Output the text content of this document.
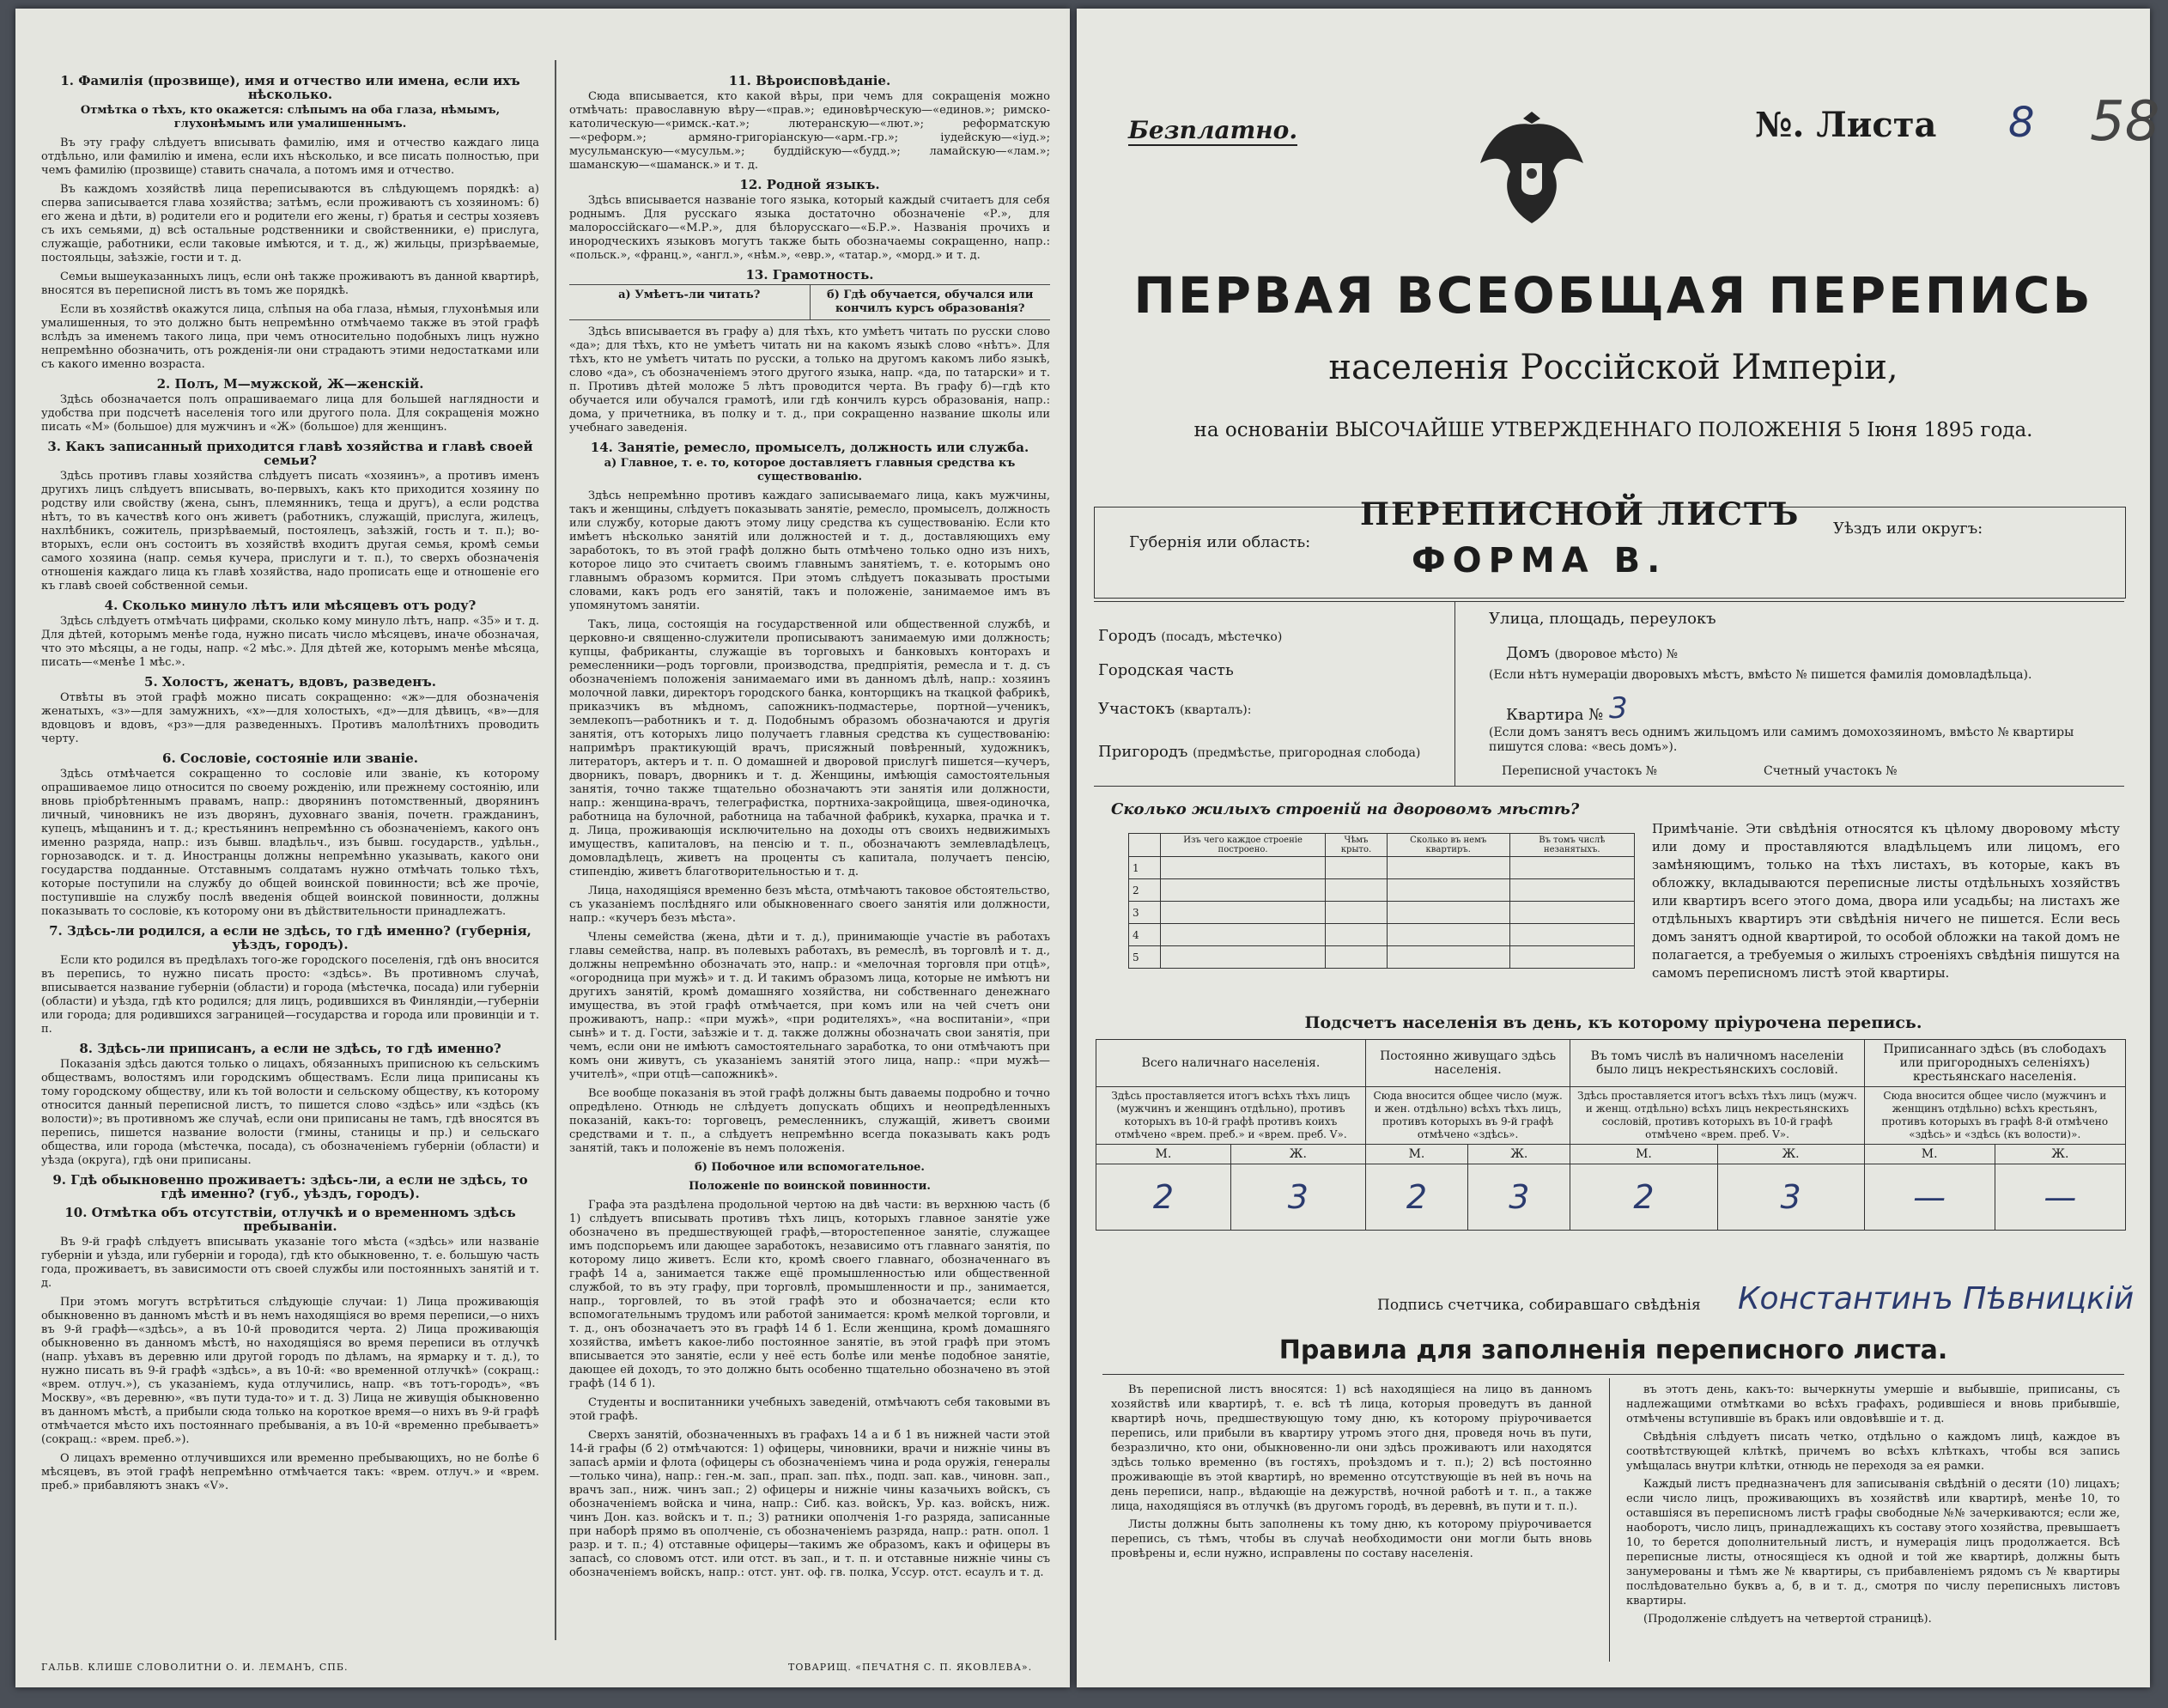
1. Фамилія (прозвище), имя и отчество или имена, если ихъ нѣсколько.

Отмѣтка о тѣхъ, кто окажется: слѣпымъ на оба глаза, нѣмымъ, глухонѣмымъ или умалишеннымъ.

Въ эту графу слѣдуетъ вписывать фамилію, имя и отчество каждаго лица отдѣльно, или фамилію и имена, если ихъ нѣсколько, и все писать полностью, при чемъ фамилію (прозвище) ставить сначала, а потомъ имя и отчество.

Въ каждомъ хозяйствѣ лица переписываются въ слѣдующемъ порядкѣ: а) сперва записывается глава хозяйства; затѣмъ, если проживаютъ съ хозяиномъ: б) его жена и дѣти, в) родители его и родители его жены, г) братья и сестры хозяевъ съ ихъ семьями, д) всѣ остальные родственники и свойственники, е) прислуга, служащіе, работники, если таковые имѣются, и т. д., ж) жильцы, призрѣваемые, постояльцы, заѣзжіе, гости и т. д.

Семьи вышеуказанныхъ лицъ, если онѣ также проживаютъ въ данной квартирѣ, вносятся въ переписной листъ въ томъ же порядкѣ.

Если въ хозяйствѣ окажутся лица, слѣпыя на оба глаза, нѣмыя, глухонѣмыя или умалишенныя, то это должно быть непремѣнно отмѣчаемо также въ этой графѣ вслѣдъ за именемъ такого лица, при чемъ относительно подобныхъ лицъ нужно непремѣнно обозначить, отъ рожденія-ли они страдаютъ этими недостатками или съ какого именно возраста.

2. Полъ, М—мужской, Ж—женскій.

Здѣсь обозначается полъ опрашиваемаго лица для большей наглядности и удобства при подсчетѣ населенія того или другого пола. Для сокращенія можно писать «М» (большое) для мужчинъ и «Ж» (большое) для женщинъ.

3. Какъ записанный приходится главѣ хозяйства и главѣ своей семьи?

Здѣсь противъ главы хозяйства слѣдуетъ писать «хозяинъ», а противъ именъ другихъ лицъ слѣдуетъ вписывать, во-первыхъ, какъ кто приходится хозяину по родству или свойству (жена, сынъ, племянникъ, теща и другъ), а если родства нѣтъ, то въ качествѣ кого онъ живетъ (работникъ, служащій, прислуга, жилецъ, нахлѣбникъ, сожитель, призрѣваемый, постоялецъ, заѣзжій, гость и т. п.); во-вторыхъ, если онъ состоитъ въ хозяйствѣ входитъ другая семья, кромѣ семьи самого хозяина (напр. семья кучера, прислуги и т. п.), то сверхъ обозначенія отношенія каждаго лица къ главѣ хозяйства, надо прописать еще и отношеніе его къ главѣ своей собственной семьи.

4. Сколько минуло лѣтъ или мѣсяцевъ отъ роду?

Здѣсь слѣдуетъ отмѣчать цифрами, сколько кому минуло лѣтъ, напр. «35» и т. д. Для дѣтей, которымъ менѣе года, нужно писать число мѣсяцевъ, иначе обозначая, что это мѣсяцы, а не годы, напр. «2 мѣс.». Для дѣтей же, которымъ менѣе мѣсяца, писать—«менѣе 1 мѣс.».

5. Холостъ, женатъ, вдовъ, разведенъ.

Отвѣты въ этой графѣ можно писать сокращенно: «ж»—для обозначенія женатыхъ, «з»—для замужнихъ, «х»—для холостыхъ, «д»—для дѣвицъ, «в»—для вдовцовъ и вдовъ, «рз»—для разведенныхъ. Противъ малолѣтнихъ проводить черту.

6. Сословіе, состояніе или званіе.

Здѣсь отмѣчается сокращенно то сословіе или званіе, къ которому опрашиваемое лицо относится по своему рожденію, или прежнему состоянію, или вновь пріобрѣтеннымъ правамъ, напр.: дворянинъ потомственный, дворянинъ личный, чиновникъ не изъ дворянъ, духовнаго званія, почетн. гражданинъ, купецъ, мѣщанинъ и т. д.; крестьянинъ непремѣнно съ обозначеніемъ, какого онъ именно разряда, напр.: изъ бывш. владѣльч., изъ бывш. государств., удѣльн., горнозаводск. и т. д. Иностранцы должны непремѣнно указывать, какого они государства подданные. Отставнымъ солдатамъ нужно отмѣчать только тѣхъ, которые поступили на службу до общей воинской повинности; всѣ же прочіе, поступившіе на службу послѣ введенія общей воинской повинности, должны показывать то сословіе, къ которому они въ дѣйствительности принадлежатъ.

7. Здѣсь-ли родился, а если не здѣсь, то гдѣ именно? (губернія, уѣздъ, городъ).

Если кто родился въ предѣлахъ того-же городского поселенія, гдѣ онъ вносится въ перепись, то нужно писать просто: «здѣсь». Въ противномъ случаѣ, вписывается название губерніи (области) и города (мѣстечка, посада) или губерніи (области) и уѣзда, гдѣ кто родился; для лицъ, родившихся въ Финляндіи,—губерніи или города; для родившихся заграницей—государства и города или провинціи и т. п.

8. Здѣсь-ли приписанъ, а если не здѣсь, то гдѣ именно?

Показанія здѣсь даются только о лицахъ, обязанныхъ приписною къ сельскимъ обществамъ, волостямъ или городскимъ обществамъ. Если лица приписаны къ тому городскому обществу, или къ той волости и сельскому обществу, къ которому относится данный переписной листъ, то пишется слово «здѣсь» или «здѣсь (къ волости)»; въ противномъ же случаѣ, если они приписаны не тамъ, гдѣ вносятся въ перепись, пишется название волости (гмины, станицы и пр.) и сельскаго общества, или города (мѣстечка, посада), съ обозначеніемъ губерніи (области) и уѣзда (округа), гдѣ они приписаны.

9. Гдѣ обыкновенно проживаетъ: здѣсь-ли, а если не здѣсь, то гдѣ именно? (губ., уѣздъ, городъ).
10. Отмѣтка объ отсутствіи, отлучкѣ и о временномъ здѣсь пребываніи.

Въ 9-й графѣ слѣдуетъ вписывать указаніе того мѣста («здѣсь» или названіе губерніи и уѣзда, или губерніи и города), гдѣ кто обыкновенно, т. е. большую часть года, проживаетъ, въ зависимости отъ своей службы или постоянныхъ занятій и т. д.

При этомъ могутъ встрѣтиться слѣдующіе случаи: 1) Лица проживающія обыкновенно въ данномъ мѣстѣ и въ немъ находящіяся во время переписи,—о нихъ въ 9-й графѣ—«здѣсь», а въ 10-й проводится черта. 2) Лица проживающія обыкновенно въ данномъ мѣстѣ, но находящіяся во время переписи въ отлучкѣ (напр. уѣхавъ въ деревню или другой городъ по дѣламъ, на ярмарку и т. д.), то нужно писать въ 9-й графѣ «здѣсь», а въ 10-й: «во временной отлучкѣ» (сокращ.: «врем. отлуч.»), съ указаніемъ, куда отлучились, напр. «въ тотъ-городъ», «въ Москву», «въ деревню», «въ пути туда-то» и т. д. 3) Лица не живущія обыкновенно въ данномъ мѣстѣ, а прибыли сюда только на короткое время—о нихъ въ 9-й графѣ отмѣчается мѣсто ихъ постояннаго пребыванія, а въ 10-й «временно пребываетъ» (сокращ.: «врем. преб.»).

О лицахъ временно отлучившихся или временно пребывающихъ, но не болѣе 6 мѣсяцевъ, въ этой графѣ непремѣнно отмѣчается такъ: «врем. отлуч.» и «врем. преб.» прибавляютъ знакъ «V».

11. Вѣроисповѣданіе.

Сюда вписывается, кто какой вѣры, при чемъ для сокращенія можно отмѣчать: православную вѣру—«прав.»; единовѣрческую—«единов.»; римско-католическую—«римск.-кат.»; лютеранскую—«лют.»; реформатскую—«реформ.»; армяно-григоріанскую—«арм.-гр.»; іудейскую—«іуд.»; мусульманскую—«мусульм.»; буддійскую—«будд.»; ламайскую—«лам.»; шаманскую—«шаманск.» и т. д.

12. Родной языкъ.

Здѣсь вписывается названіе того языка, который каждый считаетъ для себя роднымъ. Для русскаго языка достаточно обозначеніе «Р.», для малороссійскаго—«М.Р.», для бѣлорусскаго—«Б.Р.». Названія прочихъ и инородческихъ языковъ могутъ также быть обозначаемы сокращенно, напр.: «польск.», «франц.», «англ.», «нѣм.», «евр.», «татар.», «морд.» и т. д.

13. Грамотность.
а) Умѣетъ-ли читать?	б) Гдѣ обучается, обучался или кончилъ курсъ образованія?

Здѣсь вписывается въ графу а) для тѣхъ, кто умѣетъ читать по русски слово «да»; для тѣхъ, кто не умѣетъ читать ни на какомъ языкѣ слово «нѣтъ». Для тѣхъ, кто не умѣетъ читать по русски, а только на другомъ какомъ либо языкѣ, слово «да», съ обозначеніемъ этого другого языка, напр. «да, по татарски» и т. п. Противъ дѣтей моложе 5 лѣтъ проводится черта. Въ графу б)—гдѣ кто обучается или обучался грамотѣ, или гдѣ кончилъ курсъ образованія, напр.: дома, у причетника, въ полку и т. д., при сокращенно название школы или учебнаго заведенія.

14. Занятіе, ремесло, промыселъ, должность или служба.

а) Главное, т. е. то, которое доставляетъ главныя средства къ существованію.

Здѣсь непремѣнно противъ каждаго записываемаго лица, какъ мужчины, такъ и женщины, слѣдуетъ показывать занятіе, ремесло, промыселъ, должность или службу, которые даютъ этому лицу средства къ существованію. Если кто имѣетъ нѣсколько занятій или должностей и т. д., доставляющихъ ему заработокъ, то въ этой графѣ должно быть отмѣчено только одно изъ нихъ, которое лицо это считаетъ своимъ главнымъ занятіемъ, т. е. которымъ оно главнымъ образомъ кормится. При этомъ слѣдуетъ показывать простыми словами, какъ родъ его занятій, такъ и положеніе, занимаемое имъ въ упомянутомъ занятіи.

Такъ, лица, состоящія на государственной или общественной службѣ, и церковно-и священно-служители прописываютъ занимаемую ими должность; купцы, фабриканты, служащіе въ торговыхъ и банковыхъ конторахъ и ремесленники—родъ торговли, производства, предпріятія, ремесла и т. д. съ обозначеніемъ положенія занимаемаго ими въ данномъ дѣлѣ, напр.: хозяинъ молочной лавки, директоръ городского банка, конторщикъ на ткацкой фабрикѣ, приказчикъ въ мѣдномъ, сапожникъ-подмастерье, портной—ученикъ, землекопъ—работникъ и т. д. Подобнымъ образомъ обозначаются и другія занятія, отъ которыхъ лицо получаетъ главныя средства къ существованію: напримѣръ практикующій врачъ, присяжный повѣренный, художникъ, литераторъ, актеръ и т. п. О домашней и дворовой прислугѣ пишется—кучеръ, дворникъ, поваръ, дворникъ и т. д. Женщины, имѣющія самостоятельныя занятія, точно также тщательно обозначаютъ эти занятія или должности, напр.: женщина-врачъ, телеграфистка, портниха-закройщица, швея-одиночка, работница на булочной, работница на табачной фабрикѣ, кухарка, прачка и т. д. Лица, проживающія исключительно на доходы отъ своихъ недвижимыхъ имуществъ, капиталовъ, на пенсію и т. п., обозначаютъ землевладѣлецъ, домовладѣлецъ, живетъ на проценты съ капитала, получаетъ пенсію, стипендію, живетъ благотворительностью и т. д.

Лица, находящіяся временно безъ мѣста, отмѣчаютъ таковое обстоятельство, съ указаніемъ послѣдняго или обыкновеннаго своего занятія или должности, напр.: «кучеръ безъ мѣста».

Члены семейства (жена, дѣти и т. д.), принимающіе участіе въ работахъ главы семейства, напр. въ полевыхъ работахъ, въ ремеслѣ, въ торговлѣ и т. д., должны непремѣнно обозначать это, напр.: и «мелочная торговля при отцѣ», «огородница при мужѣ» и т. д. И такимъ образомъ лица, которые не имѣютъ ни другихъ занятій, кромѣ домашняго хозяйства, ни собственнаго денежнаго имущества, въ этой графѣ отмѣчается, при комъ или на чей счетъ они проживаютъ, напр.: «при мужѣ», «при родителяхъ», «на воспитаніи», «при сынѣ» и т. д. Гости, заѣзжіе и т. д. также должны обозначать свои занятія, при чемъ, если они не имѣютъ самостоятельнаго заработка, то они отмѣчаютъ при комъ они живутъ, съ указаніемъ занятій этого лица, напр.: «при мужѣ—учителѣ», «при отцѣ—сапожникѣ».

Все вообще показанія въ этой графѣ должны быть даваемы подробно и точно опредѣлено. Отнюдь не слѣдуетъ допускать общихъ и неопредѣленныхъ показаній, какъ-то: торговецъ, ремесленникъ, служащій, живетъ своими средствами и т. п., а слѣдуетъ непремѣнно всегда показывать какъ родъ занятій, такъ и положеніе въ немъ положенія.

б) Побочное или вспомогательное.

Положеніе по воинской повинности.

Графа эта раздѣлена продольной чертою на двѣ части: въ верхнюю часть (б 1) слѣдуетъ вписывать противъ тѣхъ лицъ, которыхъ главное занятіе уже обозначено въ предшествующей графѣ,—второстепенное занятіе, служащее имъ подспорьемъ или дающее заработокъ, независимо отъ главнаго занятія, по которому лицо живетъ. Если кто, кромѣ своего главнаго, обозначеннаго въ графѣ 14 а, занимается также ещё промышленностью или общественной службой, то въ эту графу, при торговлѣ, промышленности и пр., занимается, напр., торговлей, то въ этой графѣ это и обозначается; если кто вспомогательнымъ трудомъ или работой занимается: кромѣ мелкой торговли, и т. д., онъ обозначаетъ это въ графѣ 14 б 1. Если женщина, кромѣ домашняго хозяйства, имѣетъ какое-либо постоянное занятіе, въ этой графѣ при этомъ вписывается это занятіе, если у неё есть болѣе или менѣе подобное занятіе, дающее ей доходъ, то это должно быть особенно тщательно обозначено въ этой графѣ (14 б 1).

Студенты и воспитанники учебныхъ заведеній, отмѣчаютъ себя таковыми въ этой графѣ.

Сверхъ занятій, обозначенныхъ въ графахъ 14 а и б 1 въ нижней части этой 14-й графы (б 2) отмѣчаются: 1) офицеры, чиновники, врачи и нижніе чины въ запасѣ арміи и флота (офицеры съ обозначеніемъ чина и рода оружія, генералы—только чина), напр.: ген.-м. зап., прап. зап. пѣх., подп. зап. кав., чиновн. зап., врачъ зап., ниж. чинъ зап.; 2) офицеры и нижніе чины казачьихъ войскъ, съ обозначеніемъ войска и чина, напр.: Сиб. каз. войскъ, Ур. каз. войскъ, ниж. чинъ Дон. каз. войскъ и т. п.; 3) ратники ополченія 1-го разряда, записанные при наборѣ прямо въ ополченіе, съ обозначеніемъ разряда, напр.: ратн. опол. 1 разр. и т. п.; 4) отставные офицеры—такимъ же образомъ, какъ и офицеры въ запасѣ, со словомъ отст. или отст. въ зап., и т. п. и отставные нижніе чины съ обозначеніемъ войскъ, напр.: отст. унт. оф. гв. полка, Уссур. отст. есаулъ и т. д.

ГАЛЬВ. КЛИШЕ СЛОВОЛИТНИ О. И. ЛЕМАНЪ, СПБ.	ТОВАРИЩ. «ПЕЧАТНЯ С. П. ЯКОВЛЕВА».
Безплатно.	№. Листа 8 58
ПЕРВАЯ ВСЕОБЩАЯ ПЕРЕПИСЬ
населенія Россійской Имперіи,
на основаніи ВЫСОЧАЙШЕ УТВЕРЖДЕННАГО ПОЛОЖЕНІЯ 5 Іюня 1895 года.
Губернія или область:
Уѣздъ или округъ:
ПЕРЕПИСНОЙ ЛИСТЪ
ФОРМА В.
Городъ (посадъ, мѣстечко)
Городская часть
Участокъ (кварталъ):
Пригородъ (предмѣстье, пригородная слобода)
Улица, площадь, переулокъ
Домъ (дворовое мѣсто) №
(Если нѣтъ нумераціи дворовыхъ мѣстъ, вмѣсто № пишется фамилія домовладѣльца).
Квартира № 3
(Если домъ занятъ весь однимъ жильцомъ или самимъ домохозяиномъ, вмѣсто № квартиры пишутся слова: «весь домъ»).
Переписной участокъ №	Счетный участокъ №
Сколько жилыхъ строеній на дворовомъ мѣстѣ?
	Изъ чего каждое строеніе построено.	Чѣмъ крыто.	Сколько въ немъ квартиръ.	Въ томъ числѣ незанятыхъ.
1				
2				
3				
4				
5				
Примѣчаніе. Эти свѣдѣнія относятся къ цѣлому дворовому мѣсту или дому и проставляются владѣльцемъ или лицомъ, его замѣняющимъ, только на тѣхъ листахъ, въ которые, какъ въ обложку, вкладываются переписные листы отдѣльныхъ хозяйствъ или квартиръ всего этого дома, двора или усадьбы; на листахъ же отдѣльныхъ квартиръ эти свѣдѣнія ничего не пишется. Если весь домъ занятъ одной квартирой, то особой обложки на такой домъ не полагается, а требуемыя о жилыхъ строеніяхъ свѣдѣнія пишутся на самомъ переписномъ листѣ этой квартиры.
Подсчетъ населенія въ день, къ которому пріурочена перепись.
Всего наличнаго населенія.		Постоянно живущаго здѣсь населенія.		Въ томъ числѣ въ наличномъ населеніи было лицъ некрестьянскихъ сословій.		Приписаннаго здѣсь (въ слободахъ или пригородныхъ селеніяхъ) крестьянскаго населенія.	
Здѣсь проставляется итогъ всѣхъ тѣхъ лицъ (мужчинъ и женщинъ отдѣльно), противъ которыхъ въ 10-й графѣ противъ коихъ отмѣчено «врем. преб.» и «врем. преб. V».		Сюда вносится общее число (муж. и жен. отдѣльно) всѣхъ тѣхъ лицъ, противъ которыхъ въ 9-й графѣ отмѣчено «здѣсь».		Здѣсь проставляется итогъ всѣхъ тѣхъ лицъ (мужч. и женщ. отдѣльно) всѣхъ лицъ некрестьянскихъ сословій, противъ которыхъ въ 10-й графѣ отмѣчено «врем. преб. V».		Сюда вносится общее число (мужчинъ и женщинъ отдѣльно) всѣхъ крестьянъ, противъ которыхъ въ графѣ 8-й отмѣчено «здѣсь» и «здѣсь (къ волости)».	
М.	Ж.	М.	Ж.	М.	Ж.	М.	Ж.
2	3	2	3	2	3	—	—
Подпись счетчика, собиравшаго свѣдѣнія Константинъ Пѣвницкій
Правила для заполненія переписного листа.

Въ переписной листъ вносятся: 1) всѣ находящіеся на лицо въ данномъ хозяйствѣ или квартирѣ, т. е. всѣ тѣ лица, которыя проведутъ въ данной квартирѣ ночь, предшествующую тому дню, къ которому пріурочивается перепись, или прибыли въ квартиру утромъ этого дня, проведя ночь въ пути, безразлично, кто они, обыкновенно-ли они здѣсь проживаютъ или находятся здѣсь только временно (въ гостяхъ, проѣздомъ и т. п.); 2) всѣ постоянно проживающіе въ этой квартирѣ, но временно отсутствующіе въ ней въ ночь на день переписи, напр., вѣдающіе на дежурствѣ, ночной работѣ и т. п., а также лица, находящіяся въ отлучкѣ (въ другомъ городѣ, въ деревнѣ, въ пути и т. п.).

Листы должны быть заполнены къ тому дню, къ которому пріурочивается перепись, съ тѣмъ, чтобы въ случаѣ необходимости они могли быть вновь провѣрены и, если нужно, исправлены по составу населенія.

въ этотъ день, какъ-то: вычеркнуты умершіе и выбывшіе, приписаны, съ надлежащими отмѣтками во всѣхъ графахъ, родившіеся и вновь прибывшіе, отмѣчены вступившіе въ бракъ или овдовѣвшіе и т. д.

Свѣдѣнія слѣдуетъ писать четко, отдѣльно о каждомъ лицѣ, каждое въ соотвѣтствующей клѣткѣ, причемъ во всѣхъ клѣткахъ, чтобы вся запись умѣщалась внутри клѣтки, отнюдь не переходя за ея рамки.

Каждый листъ предназначенъ для записыванія свѣдѣній о десяти (10) лицахъ; если число лицъ, проживающихъ въ хозяйствѣ или квартирѣ, менѣе 10, то оставшіяся въ переписномъ листѣ графы свободные №№ зачеркиваются; если же, наоборотъ, число лицъ, принадлежащихъ къ составу этого хозяйства, превышаетъ 10, то берется дополнительный листъ, и нумерація лицъ продолжается. Всѣ переписные листы, относящіеся къ одной и той же квартирѣ, должны быть занумерованы и тѣмъ же № квартиры, съ прибавленіемъ рядомъ съ № квартиры послѣдовательно буквъ а, б, в и т. д., смотря по числу переписныхъ листовъ квартиры.

(Продолженіе слѣдуетъ на четвертой страницѣ).
